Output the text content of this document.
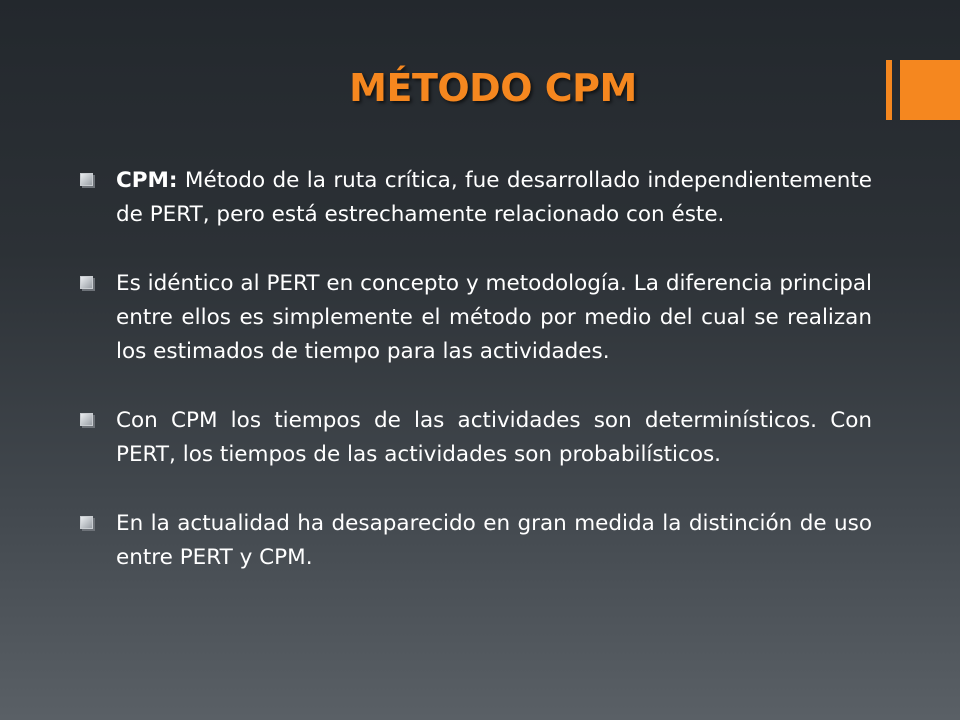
MÉTODO CPM
CPM: Método de la ruta crítica, fue desarrollado independientemente de PERT, pero está estrechamente relacionado con éste.
Es idéntico al PERT en concepto y metodología. La diferencia principal entre ellos es simplemente el método por medio del cual se realizan los estimados de tiempo para las actividades.
Con CPM los tiempos de las actividades son determinísticos. Con PERT, los tiempos de las actividades son probabilísticos.
En la actualidad ha desaparecido en gran medida la distinción de uso entre PERT y CPM.
